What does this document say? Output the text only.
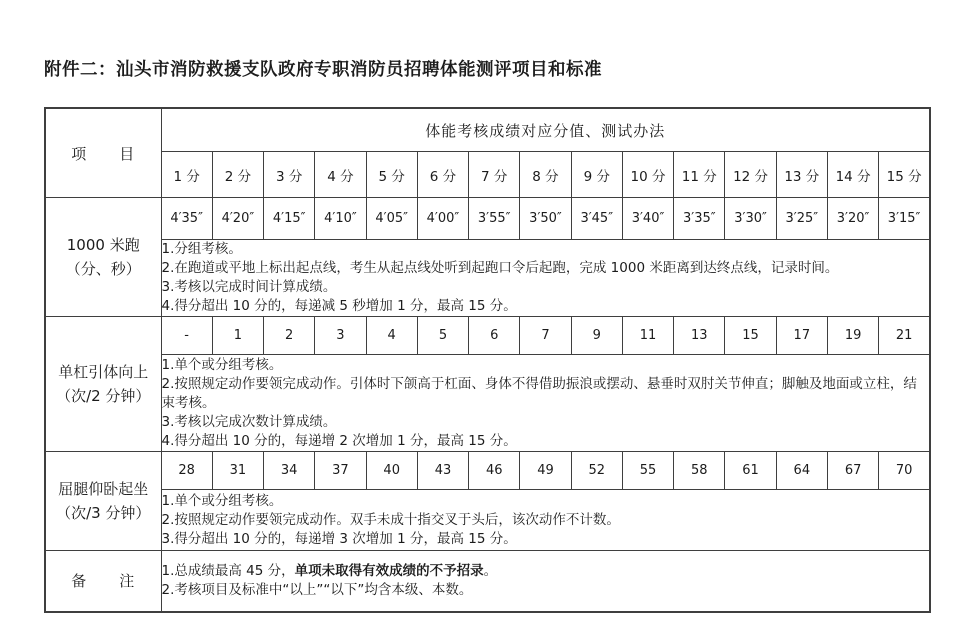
附件二：汕头市消防救援支队政府专职消防员招聘体能测评项目和标准
项　　目	体能考核成绩对应分值、测试办法														
	1 分	2 分	3 分	4 分	5 分	6 分	7 分	8 分	9 分	10 分	11 分	12 分	13 分	14 分	15 分

1000 米跑
（分、秒）	4′35″	4′20″	4′15″	4′10″	4′05″	4′00″	3′55″	3′50″	3′45″	3′40″	3′35″	3′30″	3′25″	3′20″	3′15″

	1.分组考核。
2.在跑道或平地上标出起点线，考生从起点线处听到起跑口令后起跑，完成 1000 米距离到达终点线，记录时间。
3.考核以完成时间计算成绩。
4.得分超出 10 分的，每递减 5 秒增加 1 分，最高 15 分。														

单杠引体向上
（次/2 分钟）	-	1	2	3	4	5	6	7	9	11	13	15	17	19	21

	1.单个或分组考核。
2.按照规定动作要领完成动作。引体时下颌高于杠面、身体不得借助振浪或摆动、悬垂时双肘关节伸直；脚触及地面或立柱，结束考核。
3.考核以完成次数计算成绩。
4.得分超出 10 分的，每递增 2 次增加 1 分，最高 15 分。														

屈腿仰卧起坐
（次/3 分钟）	28	31	34	37	40	43	46	49	52	55	58	61	64	67	70

	1.单个或分组考核。
2.按照规定动作要领完成动作。双手未成十指交叉于头后，该次动作不计数。
3.得分超出 10 分的，每递增 3 次增加 1 分，最高 15 分。														

备　　注	1.总成绩最高 45 分，单项未取得有效成绩的不予招录。
2.考核项目及标准中“以上”“以下”均含本级、本数。														
